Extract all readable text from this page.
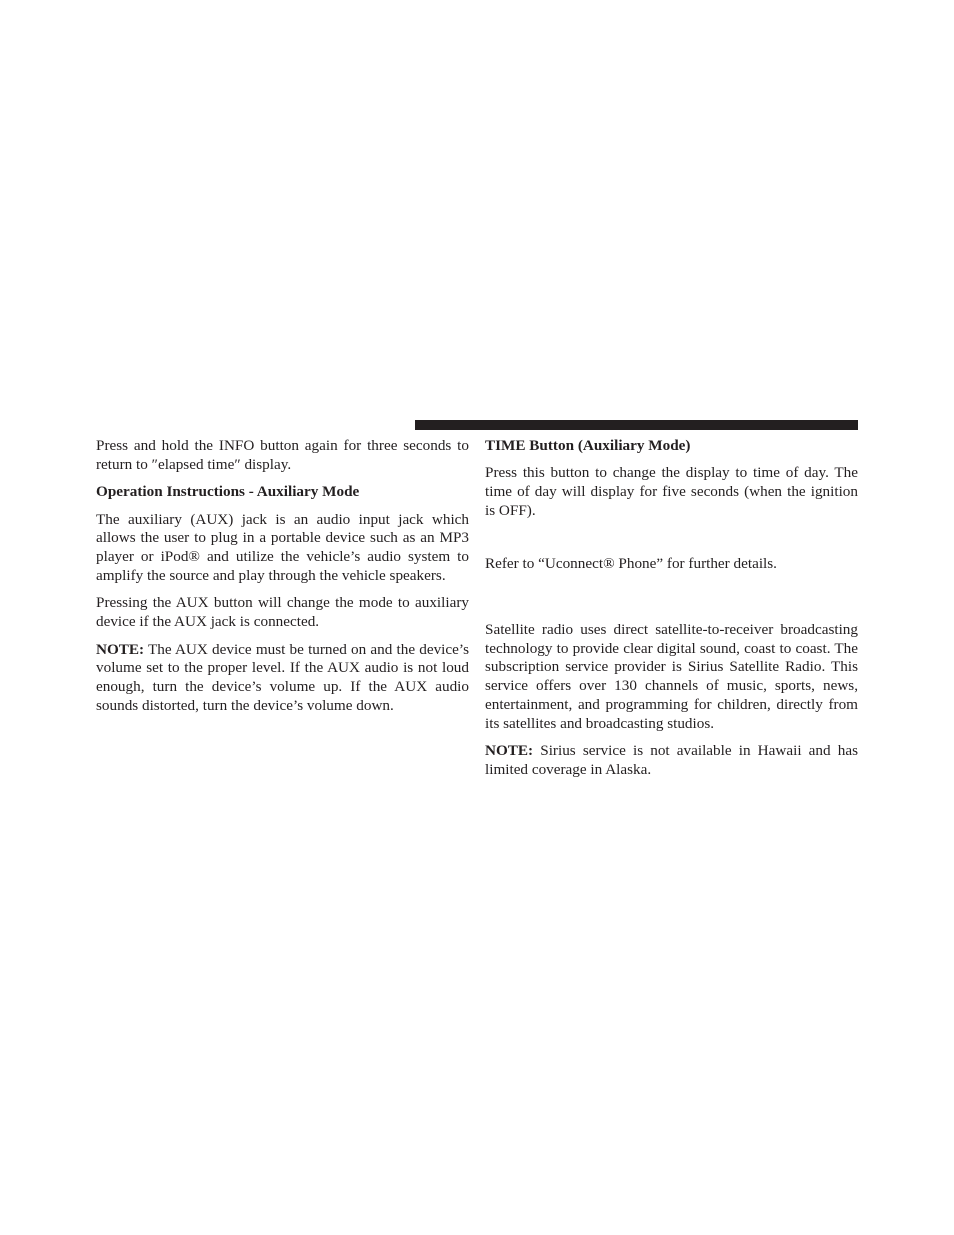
Press and hold the INFO button again for three seconds to return to ″elapsed time″ display.

Operation Instructions - Auxiliary Mode

The auxiliary (AUX) jack is an audio input jack which allows the user to plug in a portable device such as an MP3 player or iPod® and utilize the vehicle’s audio system to amplify the source and play through the vehicle speakers.

Pressing the AUX button will change the mode to auxiliary device if the AUX jack is connected.

NOTE: The AUX device must be turned on and the device’s volume set to the proper level. If the AUX audio is not loud enough, turn the device’s volume up. If the AUX audio sounds distorted, turn the device’s volume down.

TIME Button (Auxiliary Mode)

Press this button to change the display to time of day. The time of day will display for five seconds (when the ignition is OFF).

Refer to “Uconnect® Phone” for further details.

Satellite radio uses direct satellite-to-receiver broadcasting technology to provide clear digital sound, coast to coast. The subscription service provider is Sirius Satellite Radio. This service offers over 130 channels of music, sports, news, entertainment, and programming for children, directly from its satellites and broadcasting studios.

NOTE: Sirius service is not available in Hawaii and has limited coverage in Alaska.
